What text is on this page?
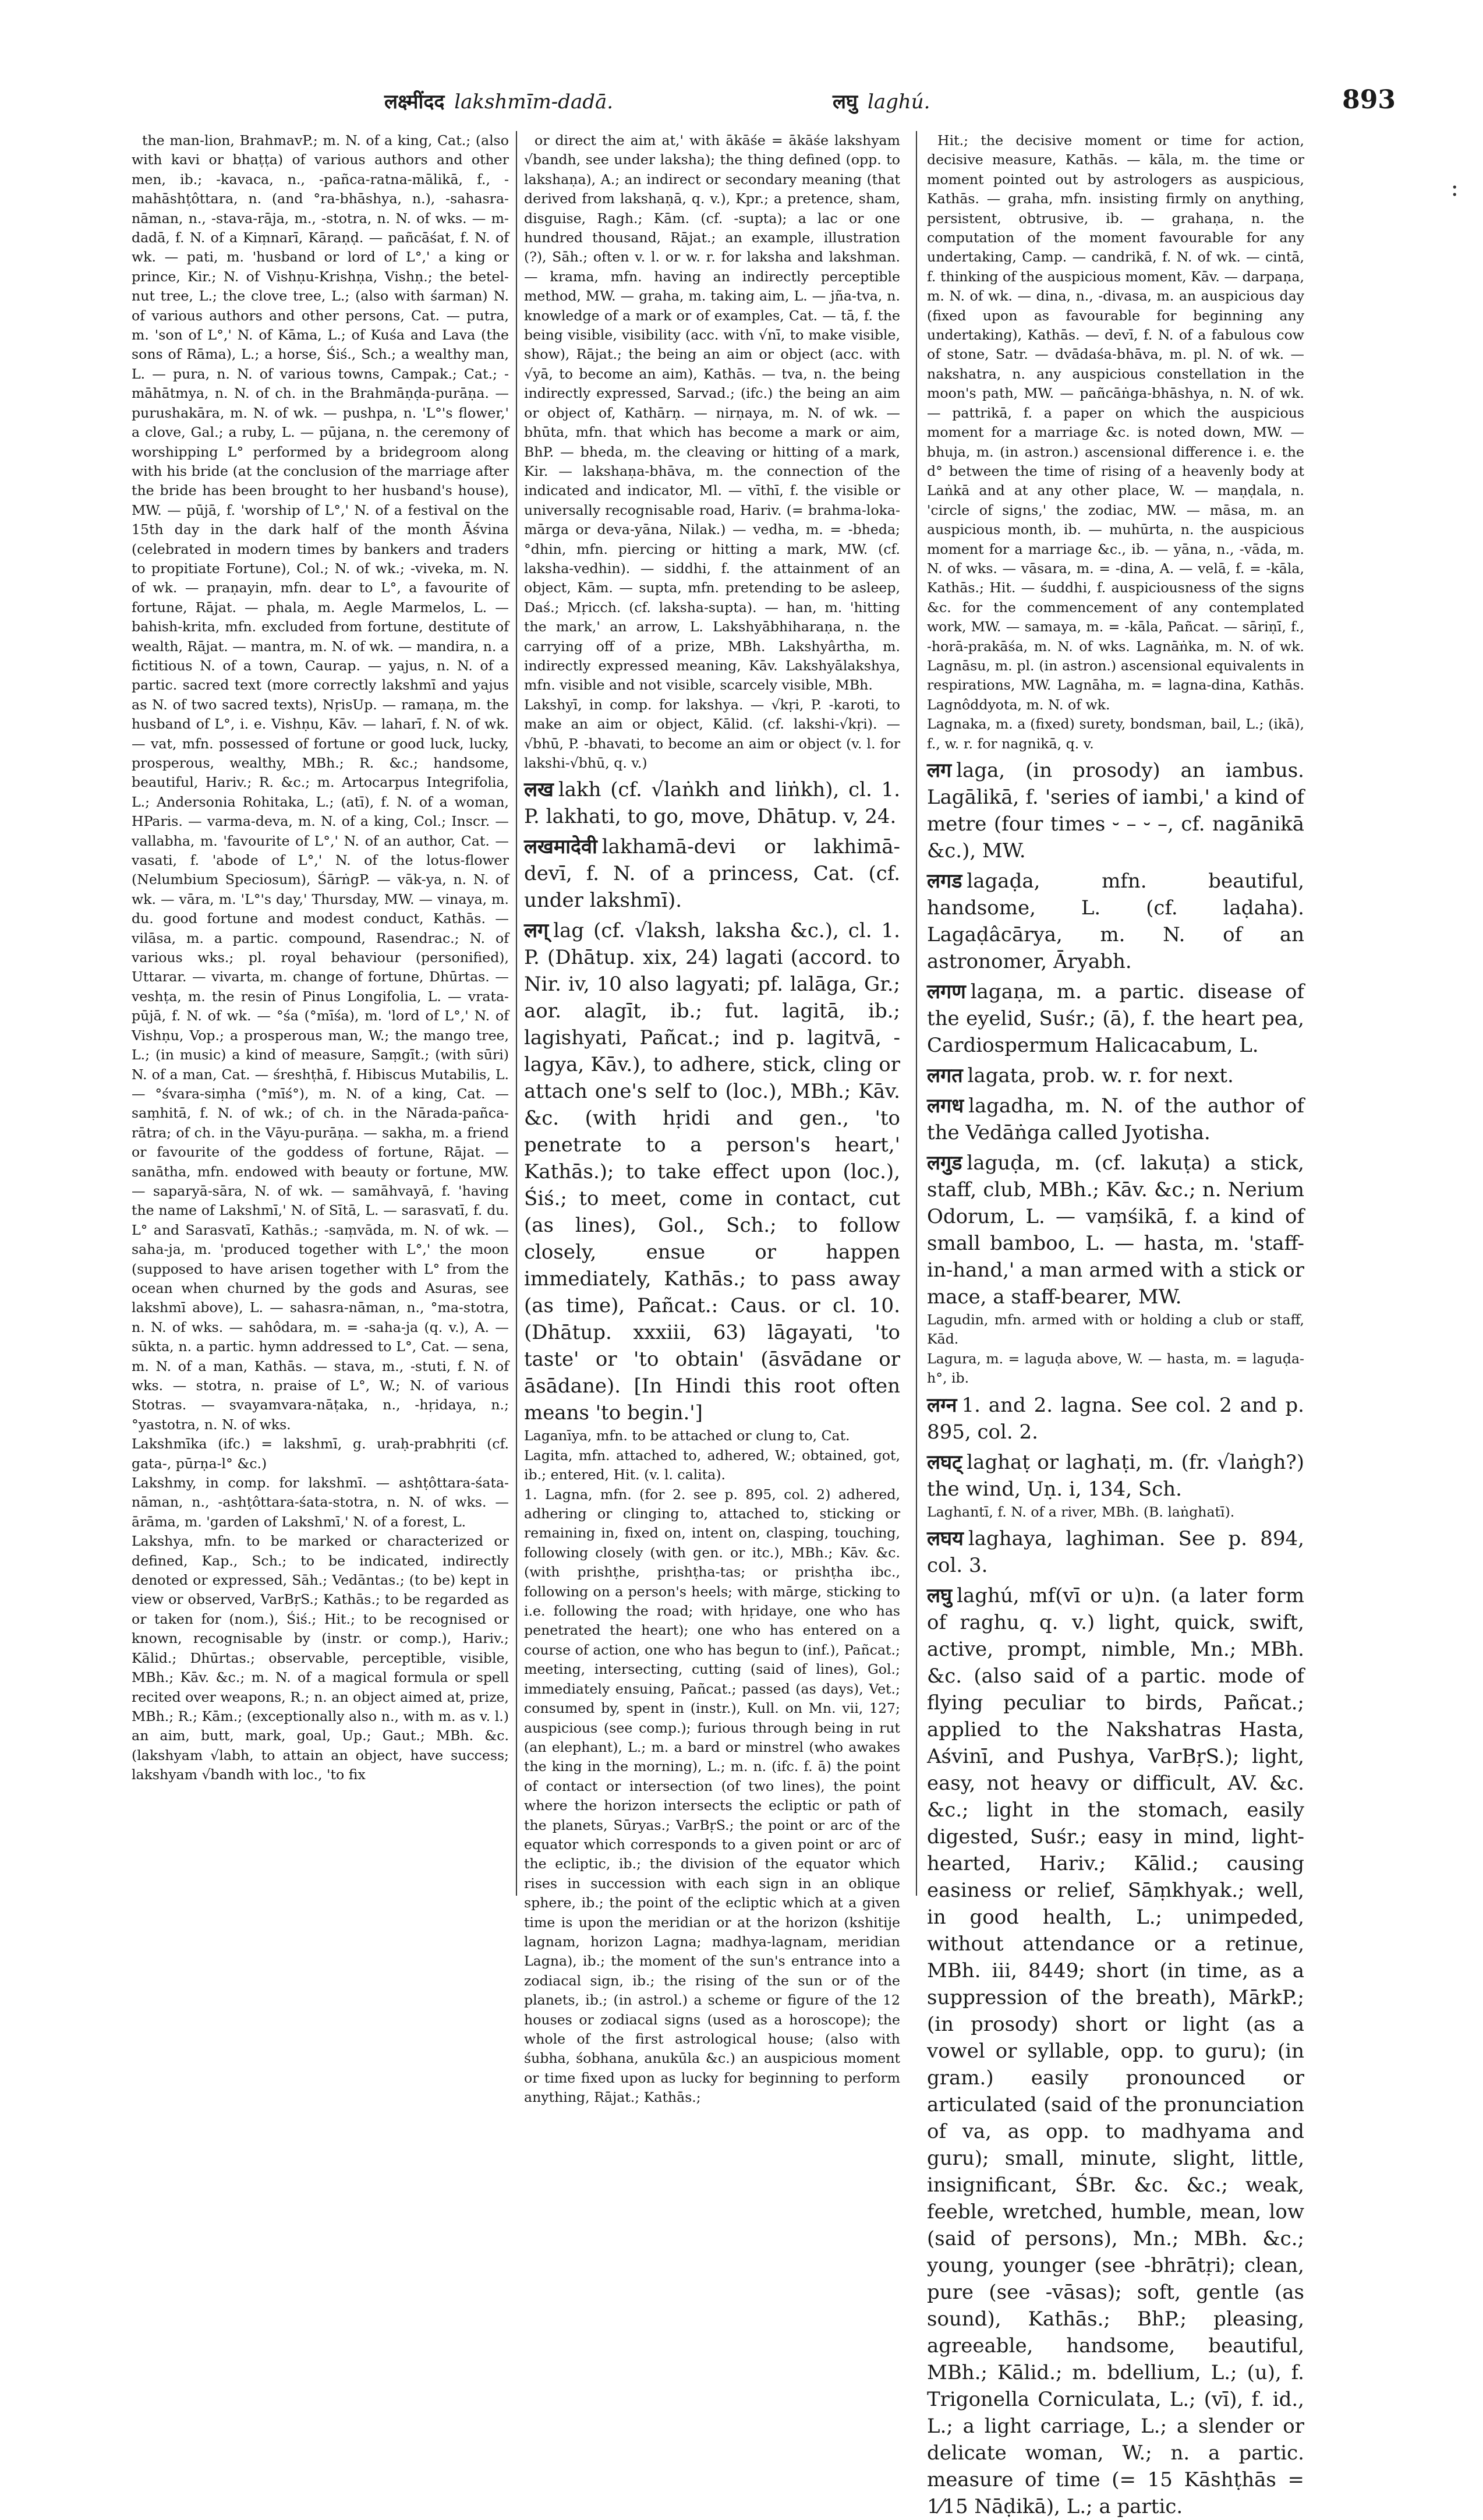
लक्ष्मींदद lakshmīm-dadā.	लघु laghú.	893

the man-lion, BrahmavP.; m. N. of a king, Cat.; (also with kavi or bhaṭṭa) of various authors and other men, ib.; -kavaca, n., -pañca-ratna-mālikā, f., -mahāshṭôttara, n. (and °ra-bhāshya, n.), -sahasra-nāman, n., -stava-rāja, m., -stotra, n. N. of wks. — m-dadā, f. N. of a Kiṃnarī, Kāraṇḍ. — pañcāśat, f. N. of wk. — pati, m. 'husband or lord of L°,' a king or prince, Kir.; N. of Vishṇu-Krishṇa, Vishṇ.; the betel-nut tree, L.; the clove tree, L.; (also with śarman) N. of various authors and other persons, Cat. — putra, m. 'son of L°,' N. of Kāma, L.; of Kuśa and Lava (the sons of Rāma), L.; a horse, Śiś., Sch.; a wealthy man, L. — pura, n. N. of various towns, Campak.; Cat.; -māhātmya, n. N. of ch. in the Brahmāṇḍa-purāṇa. — purushakāra, m. N. of wk. — pushpa, n. 'L°'s flower,' a clove, Gal.; a ruby, L. — pūjana, n. the ceremony of worshipping L° performed by a bridegroom along with his bride (at the conclusion of the marriage after the bride has been brought to her husband's house), MW. — pūjā, f. 'worship of L°,' N. of a festival on the 15th day in the dark half of the month Āśvina (celebrated in modern times by bankers and traders to propitiate Fortune), Col.; N. of wk.; -vivekа, m. N. of wk. — praṇayin, mfn. dear to L°, a favourite of fortune, Rājat. — phala, m. Aegle Marmelos, L. — bahish-krita, mfn. excluded from fortune, destitute of wealth, Rājat. — mantra, m. N. of wk. — mandira, n. a fictitious N. of a town, Caurap. — yajus, n. N. of a partic. sacred text (more correctly lakshmī and yajus as N. of two sacred texts), NṛisUp. — ramaṇa, m. the husband of L°, i. e. Vishṇu, Kāv. — laharī, f. N. of wk. — vat, mfn. possessed of fortune or good luck, lucky, prosperous, wealthy, MBh.; R. &c.; handsome, beautiful, Hariv.; R. &c.; m. Artocarpus Integrifolia, L.; Andersonia Rohitaka, L.; (atī), f. N. of a woman, HParis. — varma-deva, m. N. of a king, Col.; Inscr. — vallabha, m. 'favourite of L°,' N. of an author, Cat. — vasati, f. 'abode of L°,' N. of the lotus-flower (Nelumbium Speciosum), ŚārṅgP. — vāk-ya, n. N. of wk. — vāra, m. 'L°'s day,' Thursday, MW. — vinaya, m. du. good fortune and modest conduct, Kathās. — vilāsa, m. a partic. compound, Rasendrac.; N. of various wks.; pl. royal behaviour (personified), Uttarar. — vivarta, m. change of fortune, Dhūrtas. — veshṭa, m. the resin of Pinus Longifolia, L. — vrata-pūjā, f. N. of wk. — °śa (°mīśa), m. 'lord of L°,' N. of Vishṇu, Vop.; a prosperous man, W.; the mango tree, L.; (in music) a kind of measure, Saṃgīt.; (with sūri) N. of a man, Cat. — śreshṭhā, f. Hibiscus Mutabilis, L. — °śvara-siṃha (°mīś°), m. N. of a king, Cat. — saṃhitā, f. N. of wk.; of ch. in the Nārada-pañca-rātra; of ch. in the Vāyu-purāṇa. — sakha, m. a friend or favourite of the goddess of fortune, Rājat. — sanātha, mfn. endowed with beauty or fortune, MW. — saparyā-sāra, N. of wk. — samāhvayā, f. 'having the name of Lakshmī,' N. of Sītā, L. — sarasvatī, f. du. L° and Sarasvatī, Kathās.; -saṃvāda, m. N. of wk. — saha-ja, m. 'produced together with L°,' the moon (supposed to have arisen together with L° from the ocean when churned by the gods and Asuras, see lakshmī above), L. — sahasra-nāman, n., °ma-stotra, n. N. of wks. — sahôdara, m. = -saha-ja (q. v.), A. — sūkta, n. a partic. hymn addressed to L°, Cat. — sena, m. N. of a man, Kathās. — stava, m., -stuti, f. N. of wks. — stotra, n. praise of L°, W.; N. of various Stotras. — svayamvara-nāṭaka, n., -hṛidaya, n.; °yastotra, n. N. of wks.

Lakshmīka (ifc.) = lakshmī, g. uraḥ-prabhṛiti (cf. gata-, pūrṇa-l° &c.)

Lakshmy, in comp. for lakshmī. — ashṭôttara-śata-nāman, n., -ashṭôttara-śata-stotra, n. N. of wks. — ārāma, m. 'garden of Lakshmī,' N. of a forest, L.

Lakshya, mfn. to be marked or characterized or defined, Kap., Sch.; to be indicated, indirectly denoted or expressed, Sāh.; Vedāntas.; (to be) kept in view or observed, VarBṛS.; Kathās.; to be regarded as or taken for (nom.), Śiś.; Hit.; to be recognised or known, recognisable by (instr. or comp.), Hariv.; Kālid.; Dhūrtas.; observable, perceptible, visible, MBh.; Kāv. &c.; m. N. of a magical formula or spell recited over weapons, R.; n. an object aimed at, prize, MBh.; R.; Kām.; (exceptionally also n., with m. as v. l.) an aim, butt, mark, goal, Up.; Gaut.; MBh. &c. (lakshyam √labh, to attain an object, have success; lakshyam √bandh with loc., 'to fix

or direct the aim at,' with ākāśe = ākāśe lakshyam √bandh, see under laksha); the thing defined (opp. to lakshaṇa), A.; an indirect or secondary meaning (that derived from lakshaṇā, q. v.), Kpr.; a pretence, sham, disguise, Ragh.; Kām. (cf. -supta); a lac or one hundred thousand, Rājat.; an example, illustration (?), Sāh.; often v. l. or w. r. for laksha and lakshman. — krama, mfn. having an indirectly perceptible method, MW. — graha, m. taking aim, L. — jña-tva, n. knowledge of a mark or of examples, Cat. — tā, f. the being visible, visibility (acc. with √nī, to make visible, show), Rājat.; the being an aim or object (acc. with √yā, to become an aim), Kathās. — tva, n. the being indirectly expressed, Sarvad.; (ifc.) the being an aim or object of, Kathārṇ. — nirṇaya, m. N. of wk. — bhūta, mfn. that which has become a mark or aim, BhP. — bheda, m. the cleaving or hitting of a mark, Kir. — lakshaṇa-bhāva, m. the connection of the indicated and indicator, Ml. — vīthī, f. the visible or universally recognisable road, Hariv. (= brahma-loka-mārga or deva-yāna, Nilak.) — vedha, m. = -bheda; °dhin, mfn. piercing or hitting a mark, MW. (cf. laksha-vedhin). — siddhi, f. the attainment of an object, Kām. — supta, mfn. pretending to be asleep, Daś.; Mṛicch. (cf. laksha-supta). — han, m. 'hitting the mark,' an arrow, L. Lakshyābhiharaṇa, n. the carrying off of a prize, MBh. Lakshyârtha, m. indirectly expressed meaning, Kāv. Lakshyālakshya, mfn. visible and not visible, scarcely visible, MBh.

Lakshyī, in comp. for lakshya. — √kṛi, P. -karoti, to make an aim or object, Kālid. (cf. lakshi-√kṛi). — √bhū, P. -bhavati, to become an aim or object (v. l. for lakshi-√bhū, q. v.)

लख lakh (cf. √laṅkh and liṅkh), cl. 1. P. lakhati, to go, move, Dhātup. v, 24.

लखमादेवी lakhamā-devi or lakhimā-devī, f. N. of a princess, Cat. (cf. under lakshmī).

लग् lag (cf. √laksh, laksha &c.), cl. 1. P. (Dhātup. xix, 24) lagati (accord. to Nir. iv, 10 also lagyati; pf. lalāga, Gr.; aor. alagīt, ib.; fut. lagitā, ib.; lagishyati, Pañcat.; ind p. lagitvā, -lagya, Kāv.), to adhere, stick, cling or attach one's self to (loc.), MBh.; Kāv. &c. (with hṛidi and gen., 'to penetrate to a person's heart,' Kathās.); to take effect upon (loc.), Śiś.; to meet, come in contact, cut (as lines), Gol., Sch.; to follow closely, ensue or happen immediately, Kathās.; to pass away (as time), Pañcat.: Caus. or cl. 10. (Dhātup. xxxiii, 63) lāgayati, 'to taste' or 'to obtain' (āsvādane or āsādane). [In Hindi this root often means 'to begin.']

Laganīya, mfn. to be attached or clung to, Cat.

Lagita, mfn. attached to, adhered, W.; obtained, got, ib.; entered, Hit. (v. l. calita).

1. Lagna, mfn. (for 2. see p. 895, col. 2) adhered, adhering or clinging to, attached to, sticking or remaining in, fixed on, intent on, clasping, touching, following closely (with gen. or itc.), MBh.; Kāv. &c. (with prishṭhe, prishṭha-tas; or prishṭha ibc., following on a person's heels; with mārge, sticking to i.e. following the road; with hṛidaye, one who has penetrated the heart); one who has entered on a course of action, one who has begun to (inf.), Pañcat.; meeting, intersecting, cutting (said of lines), Gol.; immediately ensuing, Pañcat.; passed (as days), Vet.; consumed by, spent in (instr.), Kull. on Mn. vii, 127; auspicious (see comp.); furious through being in rut (an elephant), L.; m. a bard or minstrel (who awakes the king in the morning), L.; m. n. (ifc. f. ā) the point of contact or intersection (of two lines), the point where the horizon intersects the ecliptic or path of the planets, Sūryas.; VarBṛS.; the point or arc of the equator which corresponds to a given point or arc of the ecliptic, ib.; the division of the equator which rises in succession with each sign in an oblique sphere, ib.; the point of the ecliptic which at a given time is upon the meridian or at the horizon (kshitije lagnam, horizon Lagna; madhya-lagnam, meridian Lagna), ib.; the moment of the sun's entrance into a zodiacal sign, ib.; the rising of the sun or of the planets, ib.; (in astrol.) a scheme or figure of the 12 houses or zodiacal signs (used as a horoscope); the whole of the first astrological house; (also with śubha, śobhana, anukūla &c.) an auspicious moment or time fixed upon as lucky for beginning to perform anything, Rājat.; Kathās.;

Hit.; the decisive moment or time for action, decisive measure, Kathās. — kāla, m. the time or moment pointed out by astrologers as auspicious, Kathās. — graha, mfn. insisting firmly on anything, persistent, obtrusive, ib. — grahaṇa, n. the computation of the moment favourable for any undertaking, Camp. — candrikā, f. N. of wk. — cintā, f. thinking of the auspicious moment, Kāv. — darpaṇa, m. N. of wk. — dina, n., -divasa, m. an auspicious day (fixed upon as favourable for beginning any undertaking), Kathās. — devī, f. N. of a fabulous cow of stone, Satr. — dvādaśa-bhāva, m. pl. N. of wk. — nakshatra, n. any auspicious constellation in the moon's path, MW. — pañcāṅga-bhāshya, n. N. of wk. — pattrikā, f. a paper on which the auspicious moment for a marriage &c. is noted down, MW. — bhuja, m. (in astron.) ascensional difference i. e. the d° between the time of rising of a heavenly body at Laṅkā and at any other place, W. — maṇḍala, n. 'circle of signs,' the zodiac, MW. — māsa, m. an auspicious month, ib. — muhūrta, n. the auspicious moment for a marriage &c., ib. — yāna, n., -vāda, m. N. of wks. — vāsara, m. = -dina, A. — velā, f. = -kāla, Kathās.; Hit. — śuddhi, f. auspiciousness of the signs &c. for the commencement of any contemplated work, MW. — samaya, m. = -kāla, Pañcat. — sāriṇī, f., -horā-prakāśa, m. N. of wks. Lagnāṅka, m. N. of wk. Lagnāsu, m. pl. (in astron.) ascensional equivalents in respirations, MW. Lagnāha, m. = lagna-dina, Kathās. Lagnôddyota, m. N. of wk.

Lagnaka, m. a (fixed) surety, bondsman, bail, L.; (ikā), f., w. r. for nagnikā, q. v.

लग laga, (in prosody) an iambus. Lagālikā, f. 'series of iambi,' a kind of metre (four times ⏑ – ⏑ –, cf. nagānikā &c.), MW.

लगड lagaḍa, mfn. beautiful, handsome, L. (cf. laḍaha). Lagaḍâcārya, m. N. of an astronomer, Āryabh.

लगण lagaṇa, m. a partic. disease of the eyelid, Suśr.; (ā), f. the heart pea, Cardiospermum Halicacabum, L.

लगत lagata, prob. w. r. for next.

लगध lagadha, m. N. of the author of the Vedāṅga called Jyotisha.

लगुड laguḍa, m. (cf. lakuṭa) a stick, staff, club, MBh.; Kāv. &c.; n. Nerium Odorum, L. — vaṃśikā, f. a kind of small bamboo, L. — hasta, m. 'staff-in-hand,' a man armed with a stick or mace, a staff-bearer, MW.

Lagudin, mfn. armed with or holding a club or staff, Kād.

Lagura, m. = laguḍa above, W. — hasta, m. = laguḍa-h°, ib.

लग्न 1. and 2. lagna. See col. 2 and p. 895, col. 2.

लघट् laghaṭ or laghaṭi, m. (fr. √laṅgh?) the wind, Uṇ. i, 134, Sch.

Laghantī, f. N. of a river, MBh. (B. laṅghatī).

लघय laghaya, laghiman. See p. 894, col. 3.

लघु laghú, mf(vī or u)n. (a later form of raghu, q. v.) light, quick, swift, active, prompt, nimble, Mn.; MBh. &c. (also said of a partic. mode of flying peculiar to birds, Pañcat.; applied to the Nakshatras Hasta, Aśvinī, and Pushya, VarBṛS.); light, easy, not heavy or difficult, AV. &c. &c.; light in the stomach, easily digested, Suśr.; easy in mind, light-hearted, Hariv.; Kālid.; causing easiness or relief, Sāṃkhyak.; well, in good health, L.; unimpeded, without attendance or a retinue, MBh. iii, 8449; short (in time, as a suppression of the breath), MārkP.; (in prosody) short or light (as a vowel or syllable, opp. to guru); (in gram.) easily pronounced or articulated (said of the pronunciation of va, as opp. to madhyama and guru); small, minute, slight, little, insignificant, ŚBr. &c. &c.; weak, feeble, wretched, humble, mean, low (said of persons), Mn.; MBh. &c.; young, younger (see -bhrātṛi); clean, pure (see -vāsas); soft, gentle (as sound), Kathās.; BhP.; pleasing, agreeable, handsome, beautiful, MBh.; Kālid.; m. bdellium, L.; (u), f. Trigonella Corniculata, L.; (vī), f. id., L.; a light carriage, L.; a slender or delicate woman, W.; n. a partic. measure of time (= 15 Kāshṭhās = 1⁄15 Nāḍikā), L.; a partic.

:
